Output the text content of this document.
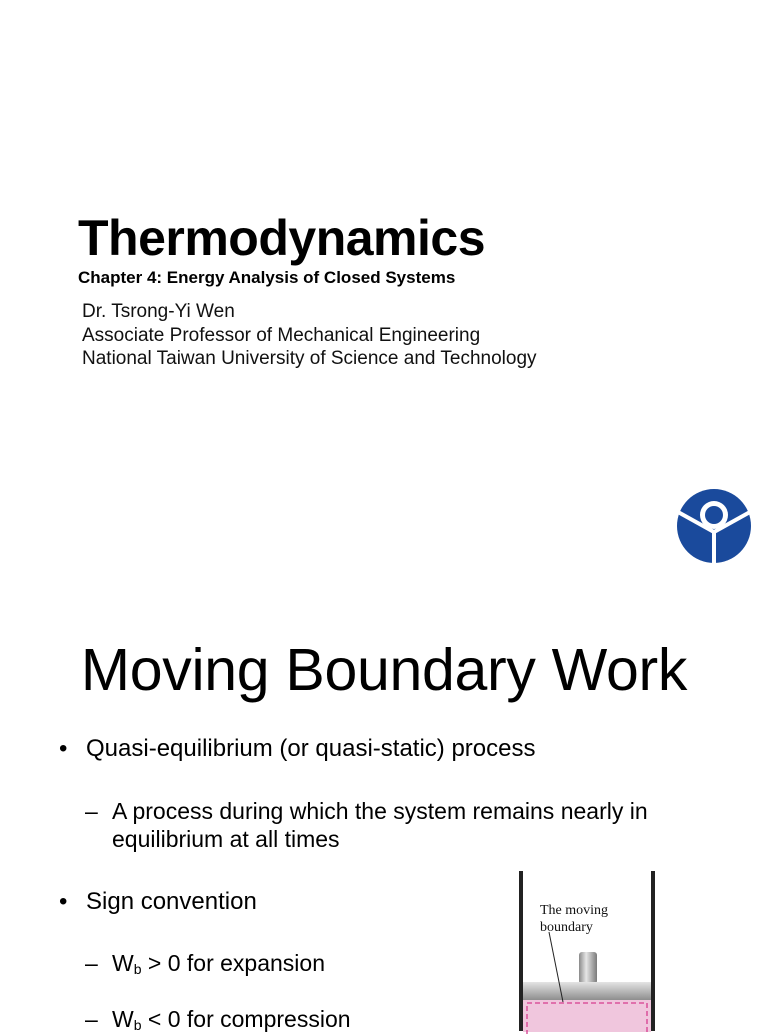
Thermodynamics

Chapter 4: Energy Analysis of Closed Systems

Dr. Tsrong-Yi Wen
Associate Professor of Mechanical Engineering
National Taiwan University of Science and Technology
Moving Boundary Work
• Quasi-equilibrium (or quasi-static) process
– A process during which the system remains nearly in equilibrium at all times
• Sign convention
– $W_b > 0$ for expansion
– $W_b < 0$ for compression
The moving
boundary
